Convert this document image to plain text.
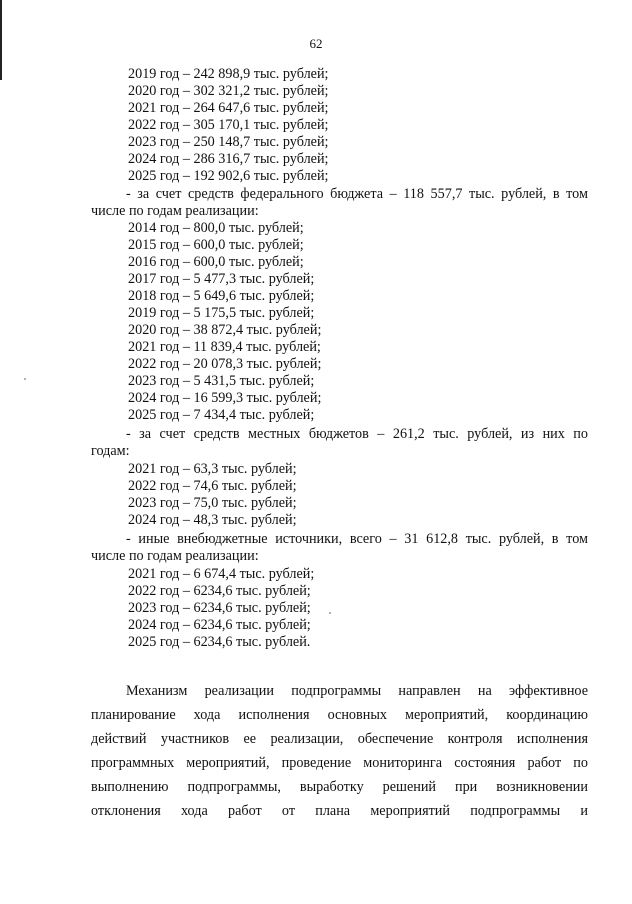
62
2019 год – 242 898,9 тыс. рублей;
2020 год – 302 321,2 тыс. рублей;
2021 год – 264 647,6 тыс. рублей;
2022 год – 305 170,1 тыс. рублей;
2023 год – 250 148,7 тыс. рублей;
2024 год – 286 316,7 тыс. рублей;
2025 год – 192 902,6 тыс. рублей;
- за счет средств федерального бюджета – 118 557,7 тыс. рублей, в том
числе по годам реализации:
2014 год – 800,0 тыс. рублей;
2015 год – 600,0 тыс. рублей;
2016 год – 600,0 тыс. рублей;
2017 год – 5 477,3 тыс. рублей;
2018 год – 5 649,6 тыс. рублей;
2019 год – 5 175,5 тыс. рублей;
2020 год – 38 872,4 тыс. рублей;
2021 год – 11 839,4 тыс. рублей;
2022 год – 20 078,3 тыс. рублей;
2023 год – 5 431,5 тыс. рублей;
2024 год – 16 599,3 тыс. рублей;
2025 год – 7 434,4 тыс. рублей;
- за счет средств местных бюджетов – 261,2 тыс. рублей, из них по
годам:
2021 год – 63,3 тыс. рублей;
2022 год – 74,6 тыс. рублей;
2023 год – 75,0 тыс. рублей;
2024 год – 48,3 тыс. рублей;
- иные внебюджетные источники, всего – 31 612,8 тыс. рублей, в том
числе по годам реализации:
2021 год – 6 674,4 тыс. рублей;
2022 год – 6234,6 тыс. рублей;
2023 год – 6234,6 тыс. рублей;
2024 год – 6234,6 тыс. рублей;
2025 год – 6234,6 тыс. рублей.
Механизм реализации подпрограммы направлен на эффективное
планирование хода исполнения основных мероприятий, координацию
действий участников ее реализации, обеспечение контроля исполнения
программных мероприятий, проведение мониторинга состояния работ по
выполнению подпрограммы, выработку решений при возникновении
отклонения хода работ от плана мероприятий подпрограммы и
